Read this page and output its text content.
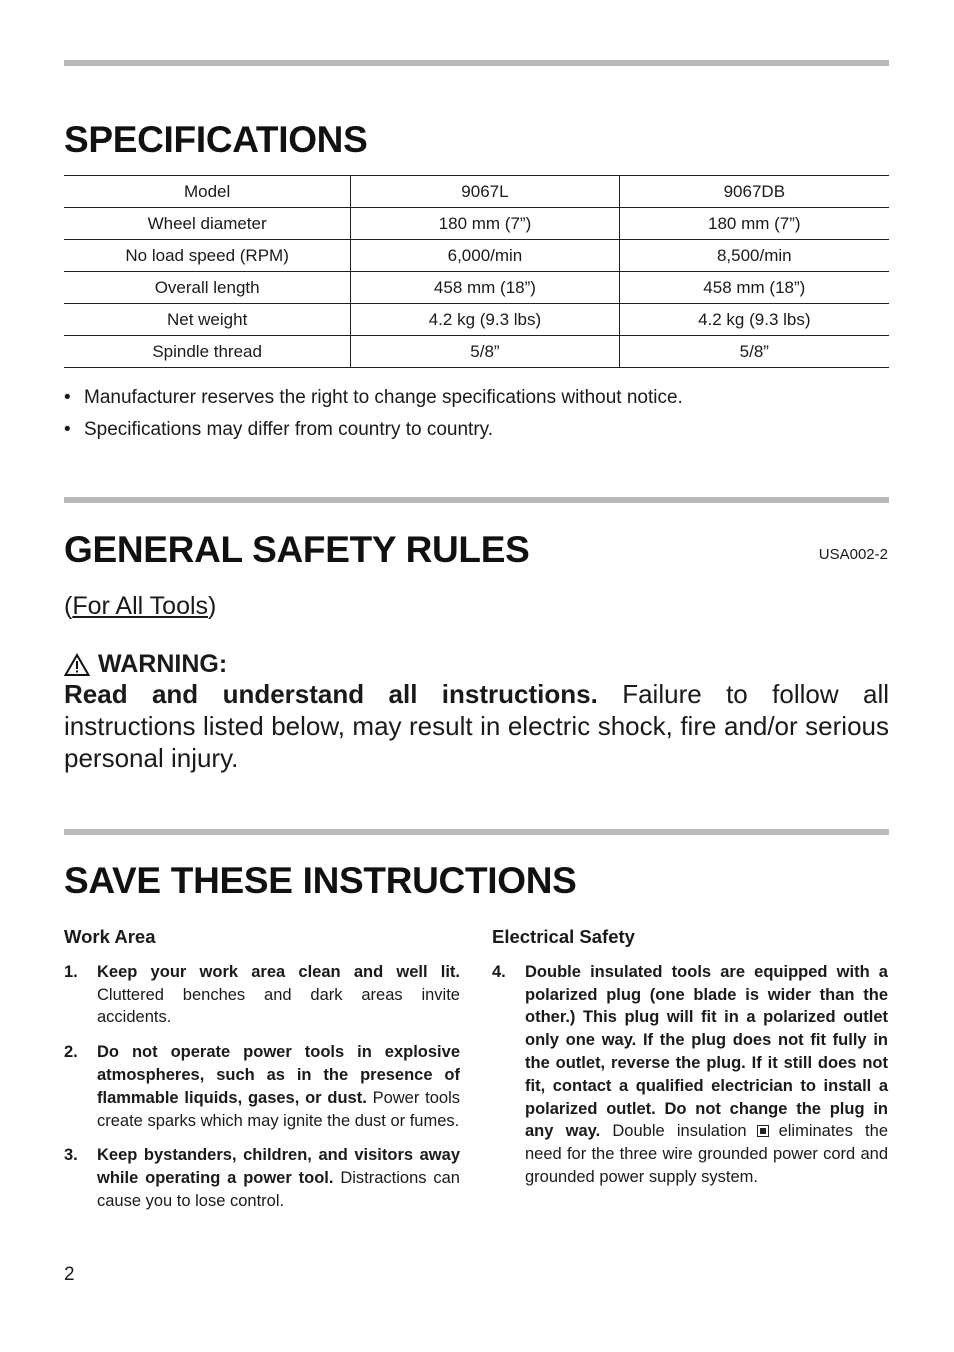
SPECIFICATIONS
Model	9067L	9067DB
Wheel diameter	180 mm (7”)	180 mm (7”)
No load speed (RPM)	6,000/min	8,500/min
Overall length	458 mm (18”)	458 mm (18”)
Net weight	4.2 kg (9.3 lbs)	4.2 kg (9.3 lbs)
Spindle thread	5/8”	5/8”
• Manufacturer reserves the right to change specifications without notice.
• Specifications may differ from country to country.
GENERAL SAFETY RULES	USA002-2
(For All Tools)
WARNING:
Read and understand all instructions. Failure to follow all instructions listed below, may result in electric shock, fire and/or serious personal injury.
SAVE THESE INSTRUCTIONS
Work Area
1. Keep your work area clean and well lit. Cluttered benches and dark areas invite accidents.
2. Do not operate power tools in explosive atmospheres, such as in the presence of flammable liquids, gases, or dust. Power tools create sparks which may ignite the dust or fumes.
3. Keep bystanders, children, and visitors away while operating a power tool. Distractions can cause you to lose control.
Electrical Safety
4. Double insulated tools are equipped with a polarized plug (one blade is wider than the other.) This plug will fit in a polarized outlet only one way. If the plug does not fit fully in the outlet, reverse the plug. If it still does not fit, contact a qualified electrician to install a polarized outlet. Do not change the plug in any way. Double insulation eliminates the need for the three wire grounded power cord and grounded power supply system.
2
